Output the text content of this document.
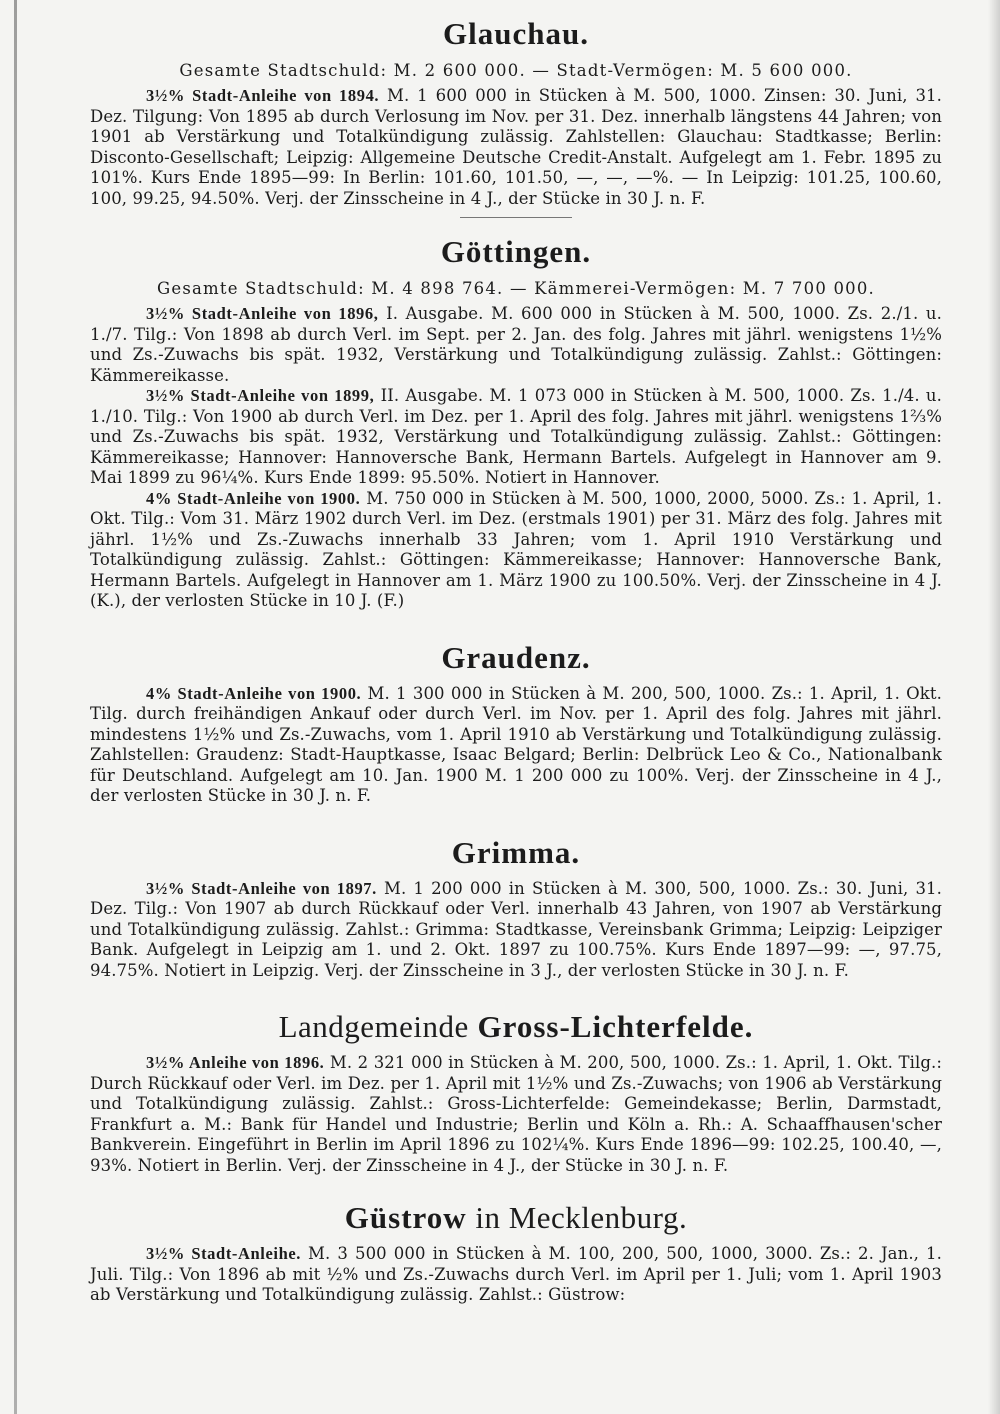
Glauchau.

Gesamte Stadtschuld: M. 2 600 000. — Stadt-Vermögen: M. 5 600 000.

3½% Stadt-Anleihe von 1894. M. 1 600 000 in Stücken à M. 500, 1000. Zinsen: 30. Juni, 31. Dez. Tilgung: Von 1895 ab durch Verlosung im Nov. per 31. Dez. innerhalb längstens 44 Jahren; von 1901 ab Verstärkung und Totalkündigung zulässig. Zahlstellen: Glauchau: Stadtkasse; Berlin: Disconto-Gesellschaft; Leipzig: Allgemeine Deutsche Credit-Anstalt. Aufgelegt am 1. Febr. 1895 zu 101%. Kurs Ende 1895—99: In Berlin: 101.60, 101.50, —, —, —%. — In Leipzig: 101.25, 100.60, 100, 99.25, 94.50%. Verj. der Zinsscheine in 4 J., der Stücke in 30 J. n. F.

Göttingen.

Gesamte Stadtschuld: M. 4 898 764. — Kämmerei-Vermögen: M. 7 700 000.

3½% Stadt-Anleihe von 1896, I. Ausgabe. M. 600 000 in Stücken à M. 500, 1000. Zs. 2./1. u. 1./7. Tilg.: Von 1898 ab durch Verl. im Sept. per 2. Jan. des folg. Jahres mit jährl. wenigstens 1½% und Zs.-Zuwachs bis spät. 1932, Verstärkung und Totalkündigung zulässig. Zahlst.: Göttingen: Kämmereikasse.

3½% Stadt-Anleihe von 1899, II. Ausgabe. M. 1 073 000 in Stücken à M. 500, 1000. Zs. 1./4. u. 1./10. Tilg.: Von 1900 ab durch Verl. im Dez. per 1. April des folg. Jahres mit jährl. wenigstens 1⅔% und Zs.-Zuwachs bis spät. 1932, Verstärkung und Totalkündigung zulässig. Zahlst.: Göttingen: Kämmereikasse; Hannover: Hannoversche Bank, Hermann Bartels. Aufgelegt in Hannover am 9. Mai 1899 zu 96¼%. Kurs Ende 1899: 95.50%. Notiert in Hannover.

4% Stadt-Anleihe von 1900. M. 750 000 in Stücken à M. 500, 1000, 2000, 5000. Zs.: 1. April, 1. Okt. Tilg.: Vom 31. März 1902 durch Verl. im Dez. (erstmals 1901) per 31. März des folg. Jahres mit jährl. 1½% und Zs.-Zuwachs innerhalb 33 Jahren; vom 1. April 1910 Verstärkung und Totalkündigung zulässig. Zahlst.: Göttingen: Kämmereikasse; Hannover: Hannoversche Bank, Hermann Bartels. Aufgelegt in Hannover am 1. März 1900 zu 100.50%. Verj. der Zinsscheine in 4 J. (K.), der verlosten Stücke in 10 J. (F.)

Graudenz.

4% Stadt-Anleihe von 1900. M. 1 300 000 in Stücken à M. 200, 500, 1000. Zs.: 1. April, 1. Okt. Tilg. durch freihändigen Ankauf oder durch Verl. im Nov. per 1. April des folg. Jahres mit jährl. mindestens 1½% und Zs.-Zuwachs, vom 1. April 1910 ab Verstärkung und Totalkündigung zulässig. Zahlstellen: Graudenz: Stadt-Hauptkasse, Isaac Belgard; Berlin: Delbrück Leo & Co., Nationalbank für Deutschland. Aufgelegt am 10. Jan. 1900 M. 1 200 000 zu 100%. Verj. der Zinsscheine in 4 J., der verlosten Stücke in 30 J. n. F.

Grimma.

3½% Stadt-Anleihe von 1897. M. 1 200 000 in Stücken à M. 300, 500, 1000. Zs.: 30. Juni, 31. Dez. Tilg.: Von 1907 ab durch Rückkauf oder Verl. innerhalb 43 Jahren, von 1907 ab Verstärkung und Totalkündigung zulässig. Zahlst.: Grimma: Stadtkasse, Vereinsbank Grimma; Leipzig: Leipziger Bank. Aufgelegt in Leipzig am 1. und 2. Okt. 1897 zu 100.75%. Kurs Ende 1897—99: —, 97.75, 94.75%. Notiert in Leipzig. Verj. der Zinsscheine in 3 J., der verlosten Stücke in 30 J. n. F.

Landgemeinde Gross-Lichterfelde.

3½% Anleihe von 1896. M. 2 321 000 in Stücken à M. 200, 500, 1000. Zs.: 1. April, 1. Okt. Tilg.: Durch Rückkauf oder Verl. im Dez. per 1. April mit 1½% und Zs.-Zuwachs; von 1906 ab Verstärkung und Totalkündigung zulässig. Zahlst.: Gross-Lichterfelde: Gemeindekasse; Berlin, Darmstadt, Frankfurt a. M.: Bank für Handel und Industrie; Berlin und Köln a. Rh.: A. Schaaffhausen'scher Bankverein. Eingeführt in Berlin im April 1896 zu 102¼%. Kurs Ende 1896—99: 102.25, 100.40, —, 93%. Notiert in Berlin. Verj. der Zinsscheine in 4 J., der Stücke in 30 J. n. F.

Güstrow in Mecklenburg.

3½% Stadt-Anleihe. M. 3 500 000 in Stücken à M. 100, 200, 500, 1000, 3000. Zs.: 2. Jan., 1. Juli. Tilg.: Von 1896 ab mit ½% und Zs.-Zuwachs durch Verl. im April per 1. Juli; vom 1. April 1903 ab Verstärkung und Totalkündigung zulässig. Zahlst.: Güstrow:
